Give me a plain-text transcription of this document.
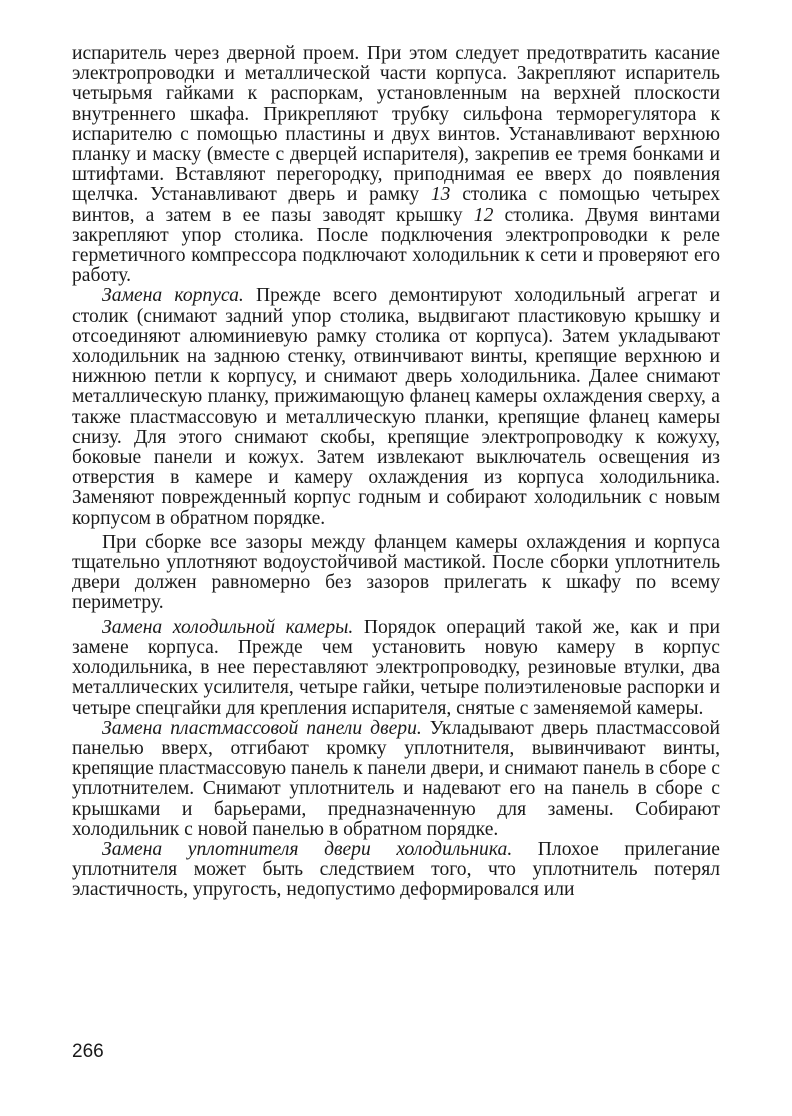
испаритель через дверной проем. При этом следует предотвратить касание электропроводки и металлической части корпуса. Закрепляют испаритель четырьмя гайками к распоркам, установленным на верхней плоскости внутреннего шкафа. Прикрепляют трубку сильфона терморегулятора к испарителю с помощью пластины и двух винтов. Устанавливают верхнюю планку и маску (вместе с дверцей испарителя), закрепив ее тремя бонками и штифтами. Вставляют перегородку, приподнимая ее вверх до появления щелчка. Устанавливают дверь и рамку 13 столика с помощью четырех винтов, а затем в ее пазы заводят крышку 12 столика. Двумя винтами закрепляют упор столика. После подключения электропроводки к реле герметичного компрессора подключают холодильник к сети и проверяют его работу.

Замена корпуса. Прежде всего демонтируют холодильный агрегат и столик (снимают задний упор столика, выдвигают пластиковую крышку и отсоединяют алюминиевую рамку столика от корпуса). Затем укладывают холодильник на заднюю стенку, отвинчивают винты, крепящие верхнюю и нижнюю петли к корпусу, и снимают дверь холодильника. Далее снимают металлическую планку, прижимающую фланец камеры охлаждения сверху, а также пластмассовую и металлическую планки, крепящие фланец камеры снизу. Для этого снимают скобы, крепящие электропроводку к кожуху, боковые панели и кожух. Затем извлекают выключатель освещения из отверстия в камере и камеру охлаждения из корпуса холодильника. Заменяют поврежденный корпус годным и собирают холодильник с новым корпусом в обратном порядке.

При сборке все зазоры между фланцем камеры охлаждения и корпуса тщательно уплотняют водоустойчивой мастикой. После сборки уплотнитель двери должен равномерно без зазоров прилегать к шкафу по всему периметру.

Замена холодильной камеры. Порядок операций такой же, как и при замене корпуса. Прежде чем установить новую камеру в корпус холодильника, в нее переставляют электропроводку, резиновые втулки, два металлических усилителя, четыре гайки, четыре полиэтиленовые распорки и четыре спецгайки для крепления испарителя, снятые с заменяемой камеры.

Замена пластмассовой панели двери. Укладывают дверь пластмассовой панелью вверх, отгибают кромку уплотнителя, вывинчивают винты, крепящие пластмассовую панель к панели двери, и снимают панель в сборе с уплотнителем. Снимают уплотнитель и надевают его на панель в сборе с крышками и барьерами, предназначенную для замены. Собирают холодильник с новой панелью в обратном порядке.

Замена уплотнителя двери холодильника. Плохое прилегание уплотнителя может быть следствием того, что уплотнитель потерял эластичность, упругость, недопустимо деформировался или

266
